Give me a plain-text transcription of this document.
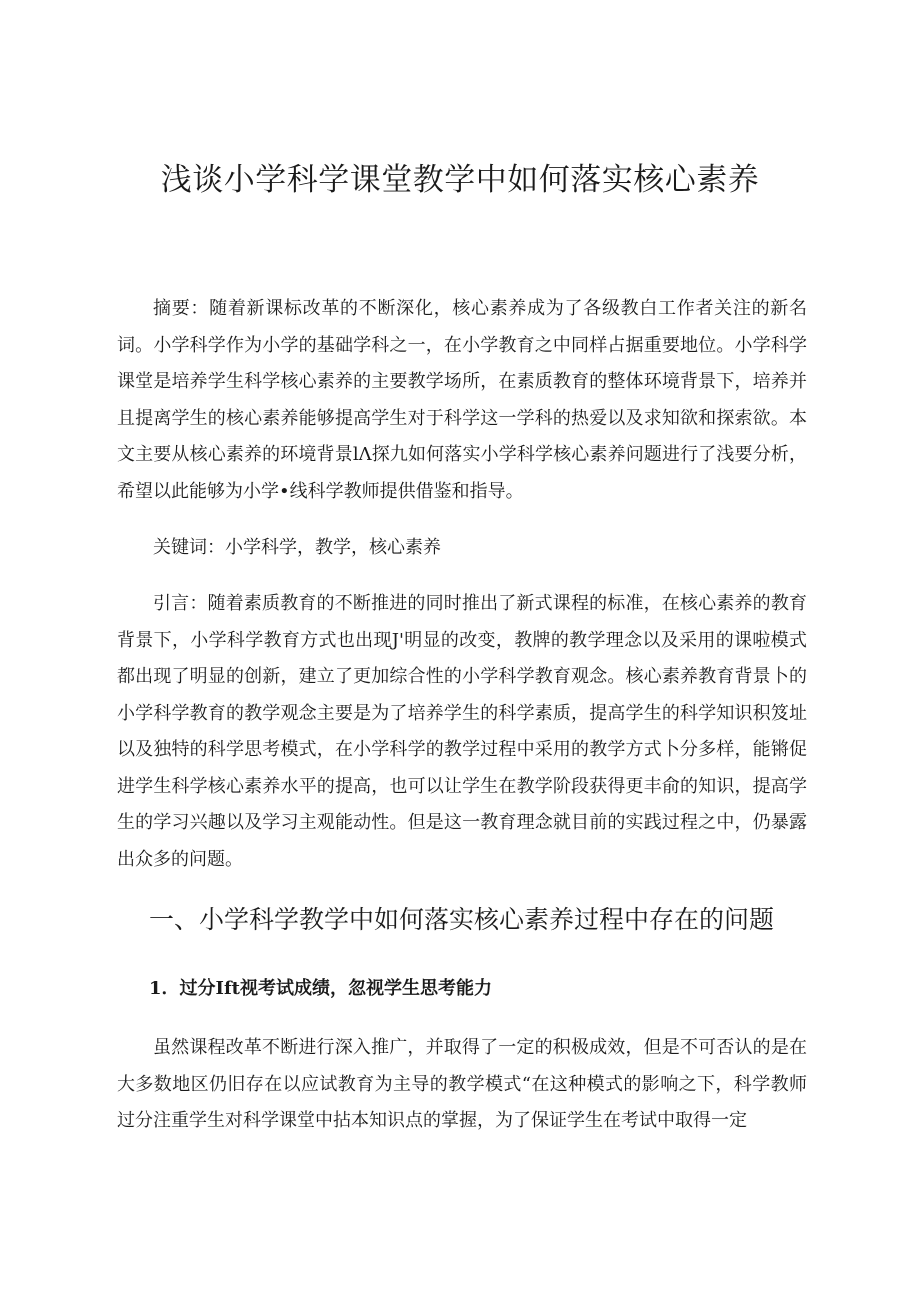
浅谈小学科学课堂教学中如何落实核心素养

摘要：随着新课标改革的不断深化，核心素养成为了各级教白工作者关注的新名词。小学科学作为小学的基础学科之一，在小学教育之中同样占据重要地位。小学科学课堂是培养学生科学核心素养的主要教学场所，在素质教育的整体环境背景下，培养并且提离学生的核心素养能够提高学生对于科学这一学科的热爱以及求知欲和探索欲。本文主要从核心素养的环境背景lΛ探九如何落实小学科学核心素养问题进行了浅要分析，希望以此能够为小学•线科学教师提供借鉴和指导。

关键词：小学科学，教学，核心素养

引言：随着素质教育的不断推进的同时推出了新式课程的标准，在核心素养的教育背景下，小学科学教育方式也出现J'明显的改变，教牌的教学理念以及采用的课啦模式都出现了明显的创新，建立了更加综合性的小学科学教育观念。核心素养教育背景卜的小学科学教育的教学观念主要是为了培养学生的科学素质，提高学生的科学知识积笈址以及独特的科学思考模式，在小学科学的教学过程中采用的教学方式卜分多样，能锵促进学生科学核心素养水平的提高，也可以让学生在教学阶段获得更丰俞的知识，提高学生的学习兴趣以及学习主观能动性。但是这一教育理念就目前的实践过程之中，仍暴露出众多的问题。

一、小学科学教学中如何落实核心素养过程中存在的问题
1．过分Ift视考试成绩，忽视学生思考能力

虽然课程改革不断进行深入推广，并取得了一定的积极成效，但是不可否认的是在大多数地区仍旧存在以应试教育为主导的教学模式“在这种模式的影响之下，科学教师过分注重学生对科学课堂中拈本知识点的掌握，为了保证学生在考试中取得一定
